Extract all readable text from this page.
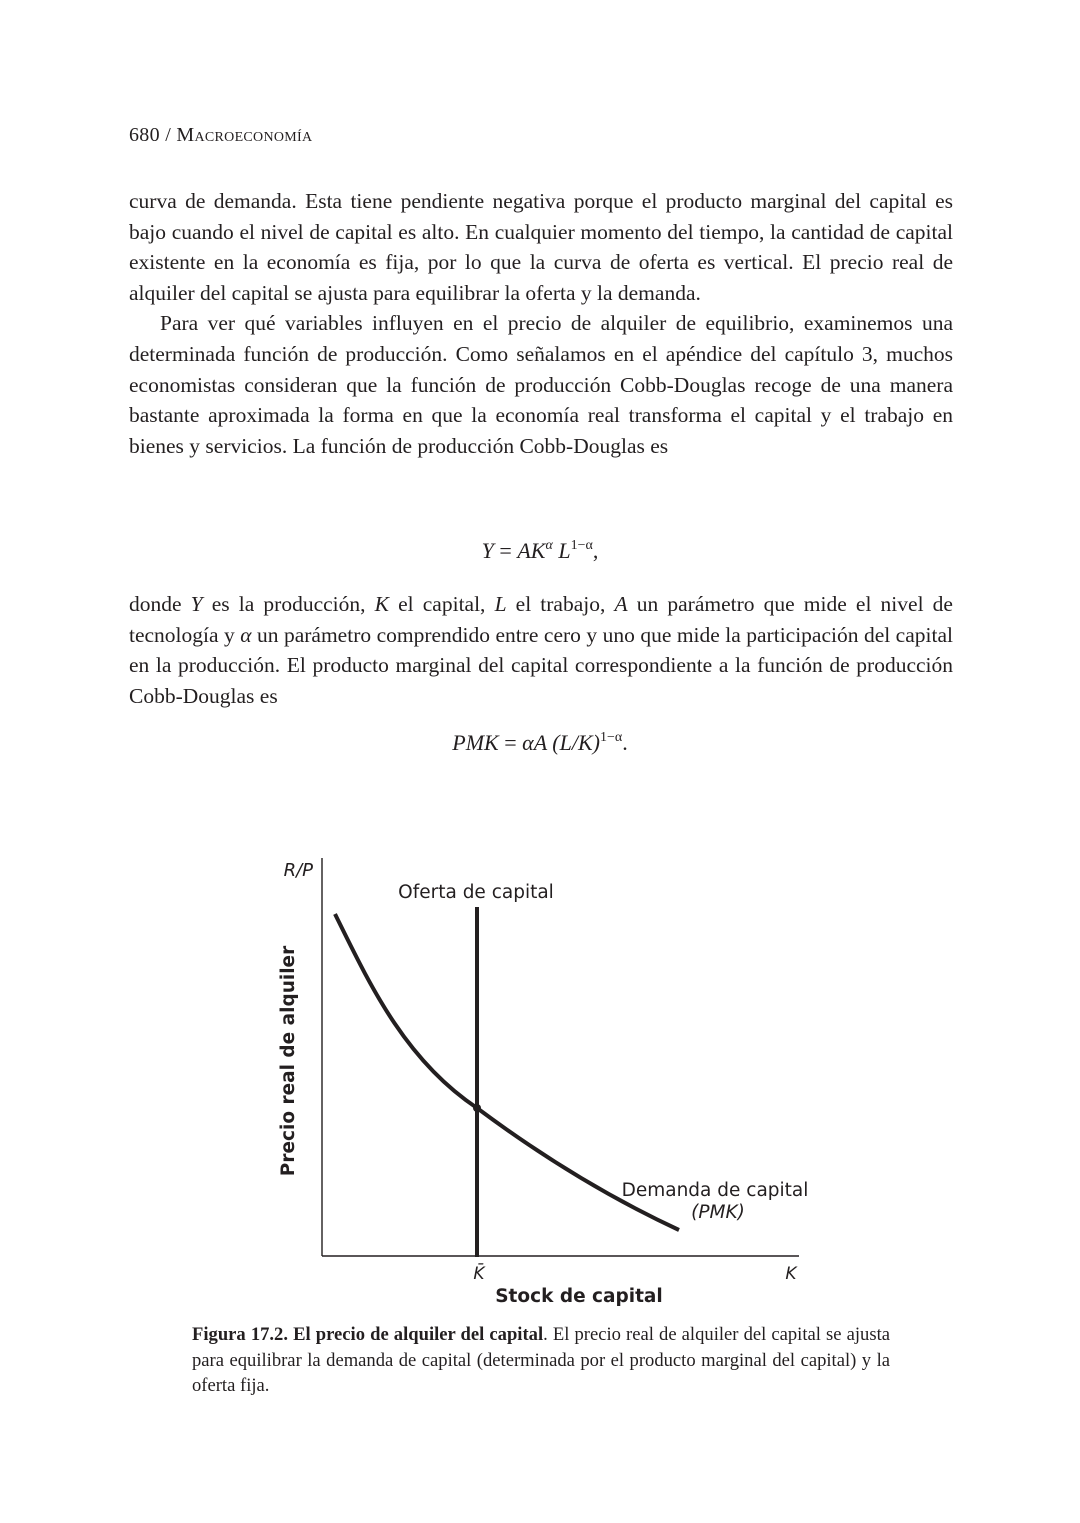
680 / Macroeconomía

curva de demanda. Esta tiene pendiente negativa porque el producto marginal del capital es bajo cuando el nivel de capital es alto. En cualquier momento del tiempo, la cantidad de capital existente en la economía es fija, por lo que la curva de oferta es vertical. El precio real de alquiler del capital se ajusta para equilibrar la oferta y la demanda.

Para ver qué variables influyen en el precio de alquiler de equilibrio, examinemos una determinada función de producción. Como señalamos en el apéndice del capítulo 3, muchos economistas consideran que la función de producción Cobb-Douglas recoge de una manera bastante aproximada la forma en que la economía real transforma el capital y el trabajo en bienes y servicios. La función de producción Cobb-Douglas es

$Y = AK^\alpha$ $L^{1-\alpha}$,

donde Y es la producción, K el capital, L el trabajo, A un parámetro que mide el nivel de tecnología y α un parámetro comprendido entre cero y uno que mide la participación del capital en la producción. El producto marginal del capital correspondiente a la función de producción Cobb-Douglas es

PMK = αA $(L/K)^{1-\alpha}$.
R/P
Oferta de capital
Demanda de capital
(PMK)
K̄	K
Stock de capital
Precio real de alquiler
Figura 17.2. El precio de alquiler del capital. El precio real de alquiler del capital se ajusta para equilibrar la demanda de capital (determinada por el producto marginal del capital) y la oferta fija.
